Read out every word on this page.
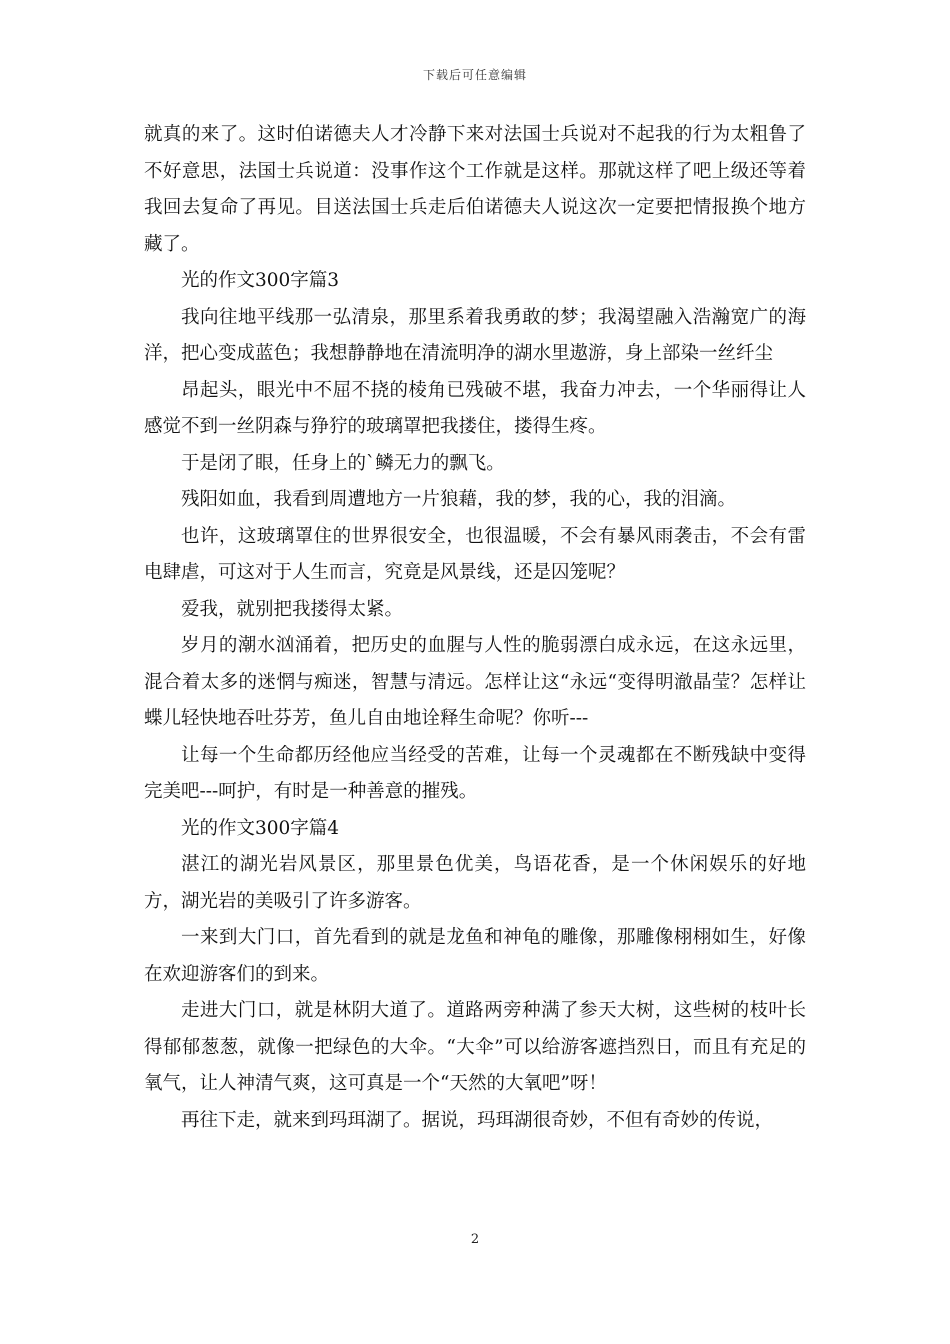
下载后可任意编辑

就真的来了。这时伯诺德夫人才冷静下来对法国士兵说对不起我的行为太粗鲁了不好意思，法国士兵说道：没事作这个工作就是这样。那就这样了吧上级还等着我回去复命了再见。目送法国士兵走后伯诺德夫人说这次一定要把情报换个地方藏了。

光的作文300字篇3

我向往地平线那一弘清泉，那里系着我勇敢的梦；我渴望融入浩瀚宽广的海洋，把心变成蓝色；我想静静地在清流明净的湖水里遨游，身上部染一丝纤尘

昂起头，眼光中不屈不挠的棱角已残破不堪，我奋力冲去，一个华丽得让人感觉不到一丝阴森与狰狞的玻璃罩把我搂住，搂得生疼。

于是闭了眼，任身上的`鳞无力的飘飞。

残阳如血，我看到周遭地方一片狼藉，我的梦，我的心，我的泪滴。

也许，这玻璃罩住的世界很安全，也很温暖，不会有暴风雨袭击，不会有雷电肆虐，可这对于人生而言，究竟是风景线，还是囚笼呢？

爱我，就别把我搂得太紧。

岁月的潮水汹涌着，把历史的血腥与人性的脆弱漂白成永远，在这永远里，混合着太多的迷惘与痴迷，智慧与清远。怎样让这“永远“变得明澈晶莹？怎样让蝶儿轻快地吞吐芬芳，鱼儿自由地诠释生命呢？你听---

让每一个生命都历经他应当经受的苦难，让每一个灵魂都在不断残缺中变得完美吧---呵护，有时是一种善意的摧残。

光的作文300字篇4

湛江的湖光岩风景区，那里景色优美，鸟语花香，是一个休闲娱乐的好地方，湖光岩的美吸引了许多游客。

一来到大门口，首先看到的就是龙鱼和神龟的雕像，那雕像栩栩如生，好像在欢迎游客们的到来。

走进大门口，就是林阴大道了。道路两旁种满了参天大树，这些树的枝叶长得郁郁葱葱，就像一把绿色的大伞。“大伞”可以给游客遮挡烈日，而且有充足的氧气，让人神清气爽，这可真是一个“天然的大氧吧”呀！

再往下走，就来到玛珥湖了。据说，玛珥湖很奇妙，不但有奇妙的传说，

2
